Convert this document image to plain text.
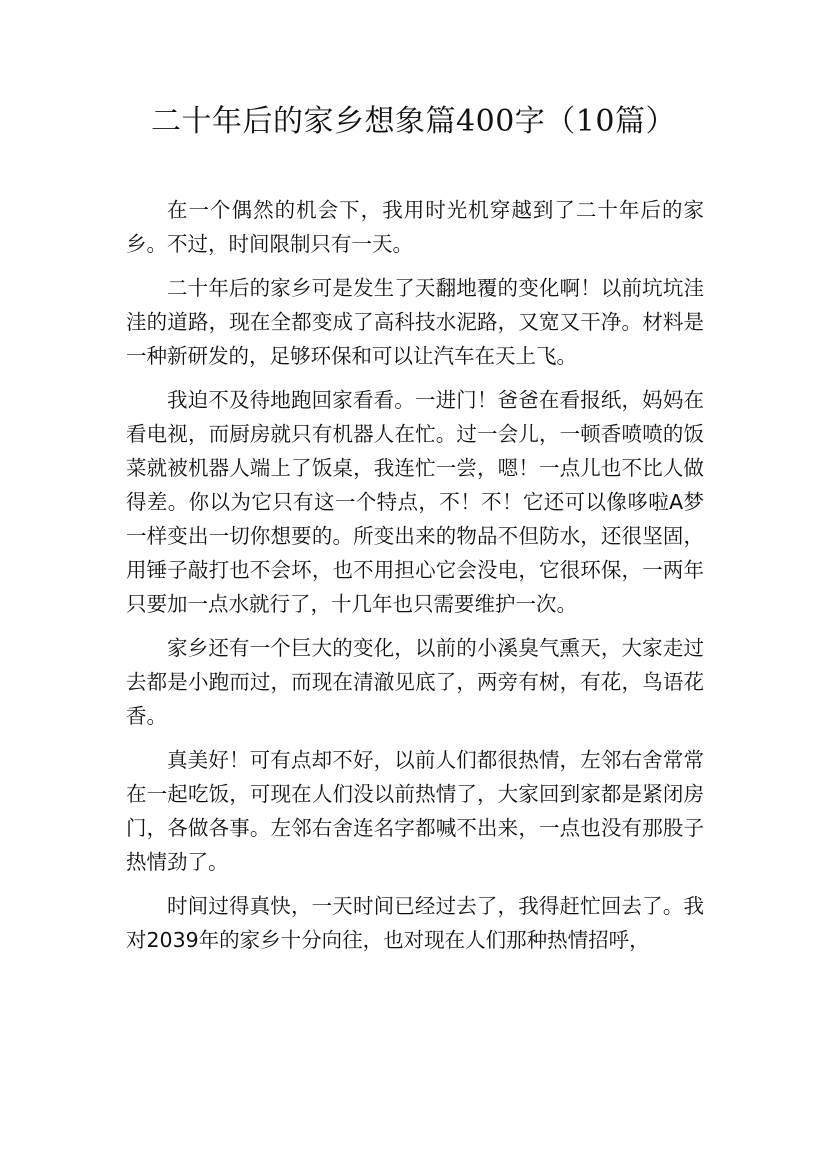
二十年后的家乡想象篇400字（10篇）

在一个偶然的机会下，我用时光机穿越到了二十年后的家乡。不过，时间限制只有一天。

二十年后的家乡可是发生了天翻地覆的变化啊！以前坑坑洼洼的道路，现在全都变成了高科技水泥路，又宽又干净。材料是一种新研发的，足够环保和可以让汽车在天上飞。

我迫不及待地跑回家看看。一进门！爸爸在看报纸，妈妈在看电视，而厨房就只有机器人在忙。过一会儿，一顿香喷喷的饭菜就被机器人端上了饭桌，我连忙一尝，嗯！一点儿也不比人做得差。你以为它只有这一个特点，不！不！它还可以像哆啦A梦一样变出一切你想要的。所变出来的物品不但防水，还很坚固，用锤子敲打也不会坏，也不用担心它会没电，它很环保，一两年只要加一点水就行了，十几年也只需要维护一次。

家乡还有一个巨大的变化，以前的小溪臭气熏天，大家走过去都是小跑而过，而现在清澈见底了，两旁有树，有花，鸟语花香。

真美好！可有点却不好，以前人们都很热情，左邻右舍常常在一起吃饭，可现在人们没以前热情了，大家回到家都是紧闭房门，各做各事。左邻右舍连名字都喊不出来，一点也没有那股子热情劲了。

时间过得真快，一天时间已经过去了，我得赶忙回去了。我对2039年的家乡十分向往，也对现在人们那种热情招呼，
